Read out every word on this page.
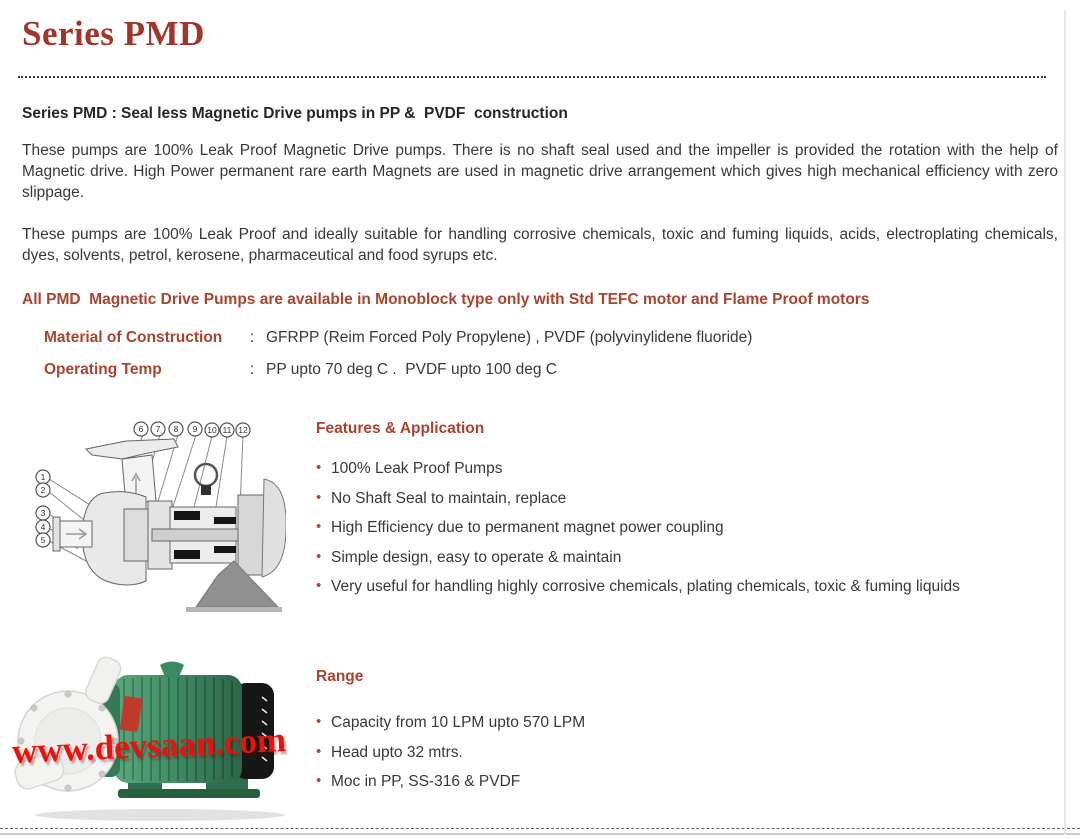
Series PMD
Series PMD : Seal less Magnetic Drive pumps in PP &  PVDF  construction

These pumps are 100% Leak Proof Magnetic Drive pumps. There is no shaft seal used and the impeller is provided the rotation with the help of Magnetic drive. High Power permanent rare earth Magnets are used in magnetic drive arrangement which gives high mechanical efficiency with zero slippage.

These pumps are 100% Leak Proof and ideally suitable for handling corrosive chemicals, toxic and fuming liquids, acids, electroplating chemicals, dyes, solvents, petrol, kerosene, pharmaceutical and food syrups etc.

All PMD  Magnetic Drive Pumps are available in Monoblock type only with Std TEFC motor and Flame Proof motors
Material of Construction	: GFRPP (Reim Forced Poly Propylene) , PVDF (polyvinylidene fluoride)
Operating Temp	: PP upto 70 deg C .  PVDF upto 100 deg C
1
2
3
4
5
6 7 8 9 10 11 12	Features & Application
• 100% Leak Proof Pumps
• No Shaft Seal to maintain, replace
• High Efficiency due to permanent magnet power coupling
• Simple design, easy to operate & maintain
• Very useful for handling highly corrosive chemicals, plating chemicals, toxic & fuming liquids
www.devsaan.com
Range
• Capacity from 10 LPM upto 570 LPM
• Head upto 32 mtrs.
• Moc in PP, SS-316 & PVDF
